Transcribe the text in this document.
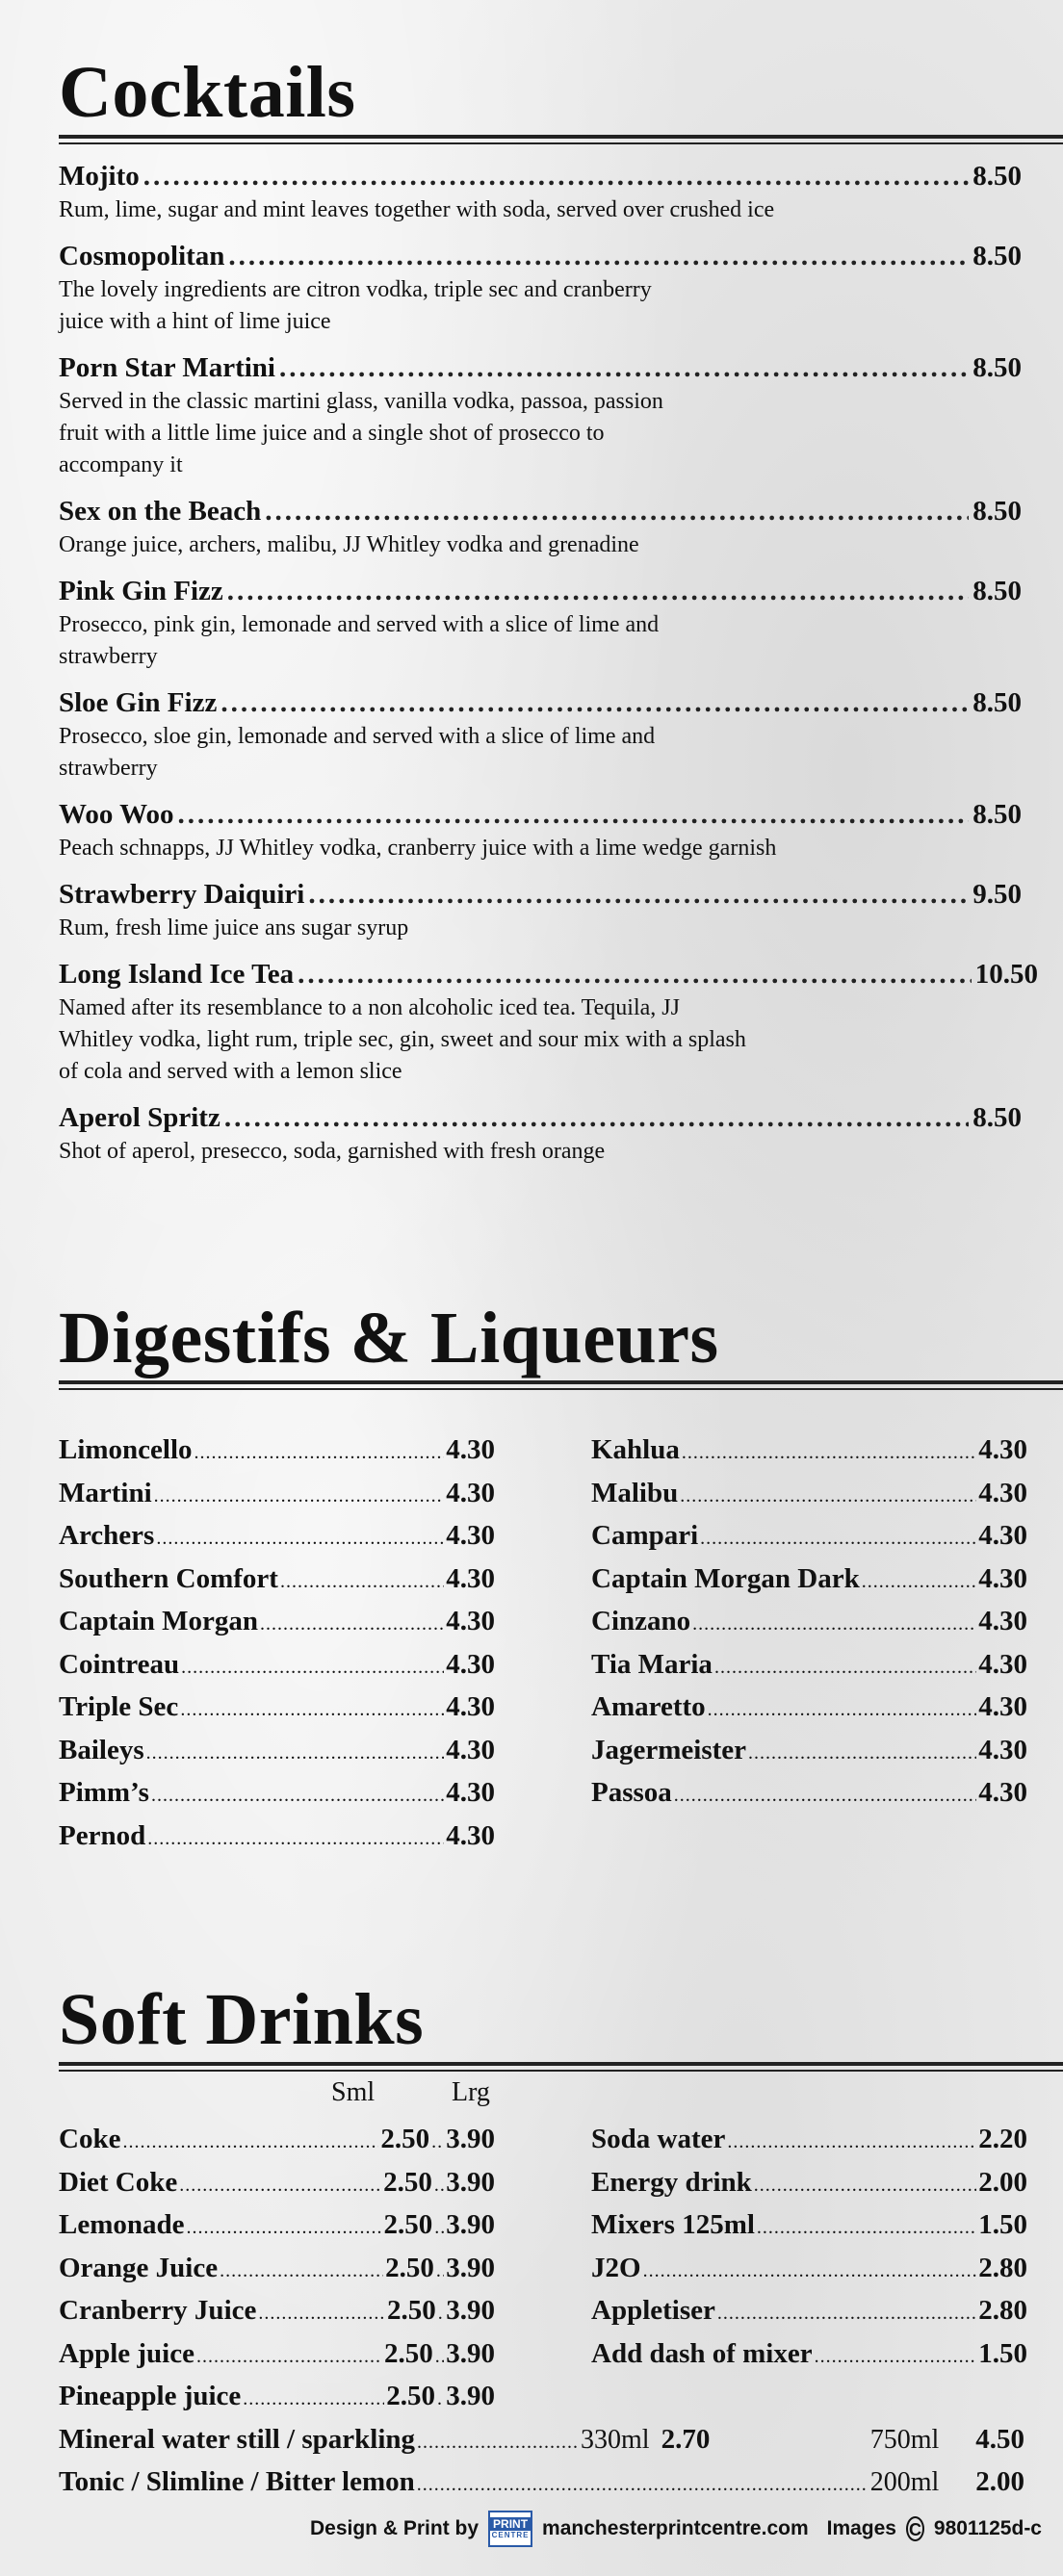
Cocktails
Mojito .....	8.50
Rum, lime, sugar and mint leaves together with soda, served over crushed ice
Cosmopolitan .....	8.50
The lovely ingredients are citron vodka, triple sec and cranberry juice with a hint of lime juice
Porn Star Martini .....	8.50
Served in the classic martini glass, vanilla vodka, passoa, passion fruit with a little lime juice and a single shot of prosecco to accompany it
Sex on the Beach .....	8.50
Orange juice, archers, malibu, JJ Whitley vodka and grenadine
Pink Gin Fizz .....	8.50
Prosecco, pink gin, lemonade and served with a slice of lime and strawberry
Sloe Gin Fizz .....	8.50
Prosecco, sloe gin, lemonade and served with a slice of lime and strawberry
Woo Woo .....	8.50
Peach schnapps, JJ Whitley vodka, cranberry juice with a lime wedge garnish
Strawberry Daiquiri .....	9.50
Rum, fresh lime juice ans sugar syrup
Long Island Ice Tea .....	10.50
Named after its resemblance to a non alcoholic iced tea. Tequila, JJ Whitley vodka, light rum, triple sec, gin, sweet and sour mix with a splash of cola and served with a lemon slice
Aperol Spritz .....	8.50
Shot of aperol, presecco, soda, garnished with fresh orange
Digestifs & Liqueurs
Limoncello .....	4.30
Martini .....	4.30
Archers .....	4.30
Southern Comfort .....	4.30
Captain Morgan .....	4.30
Cointreau .....	4.30
Triple Sec .....	4.30
Baileys .....	4.30
Pimm’s .....	4.30
Pernod .....	4.30
Kahlua .....	4.30
Malibu .....	4.30
Campari .....	4.30
Captain Morgan Dark .....	4.30
Cinzano .....	4.30
Tia Maria .....	4.30
Amaretto .....	4.30
Jagermeister .....	4.30
Passoa .....	4.30
Soft Drinks
Sml	Lrg
Coke .....	2.50 ..... 3.90
Diet Coke .....	2.50 ..... 3.90
Lemonade .....	2.50 ..... 3.90
Orange Juice .....	2.50 ..... 3.90
Cranberry Juice .....	2.50 ..... 3.90
Apple juice .....	2.50 ..... 3.90
Pineapple juice .....	2.50 ..... 3.90
Soda water .....	2.20
Energy drink .....	2.00
Mixers 125ml .....	1.50
J2O .....	2.80
Appletiser .....	2.80
Add dash of mixer .....	1.50
Mineral water still / sparkling .....	330ml 2.70	750ml 4.50
Tonic / Slimline / Bitter lemon .....	200ml 2.00
Design & Print by PRINT
CENTRE manchesterprintcentre.com Images C 9801125d-c
